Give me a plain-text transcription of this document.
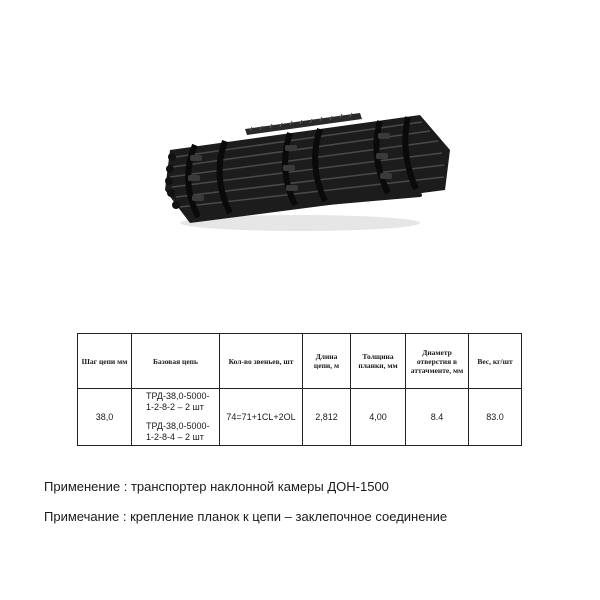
Шаг цепи мм	Базовая цепь	Кол-во звеньев, шт	Длина цепи, м	Толщина планки, мм	Диаметр отверстия в аттачменте, мм	Вес, кг/шт
38,0	ТРД-38,0-5000-
1-2-8-2 – 2 шт
ТРД-38,0-5000-
1-2-8-4 – 2 шт	74=71+1CL+2OL	2,812	4,00	8.4	83.0
Применение : транспортер наклонной камеры ДОН-1500
Примечание : крепление планок к цепи – заклепочное соединение
